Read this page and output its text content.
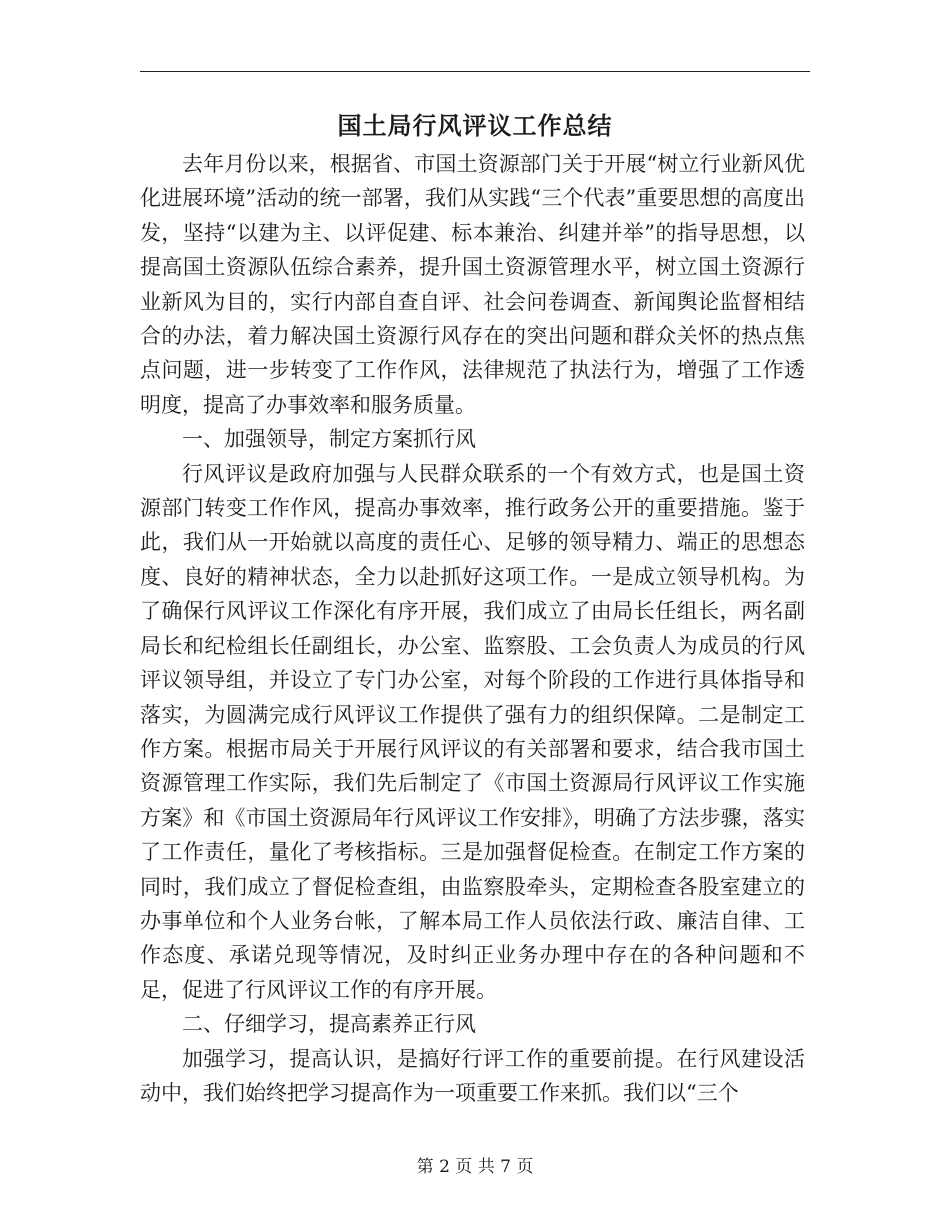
国土局行风评议工作总结

去年月份以来，根据省、市国土资源部门关于开展“树立行业新风优化进展环境”活动的统一部署，我们从实践“三个代表”重要思想的高度出发，坚持“以建为主、以评促建、标本兼治、纠建并举”的指导思想，以提高国土资源队伍综合素养，提升国土资源管理水平，树立国土资源行业新风为目的，实行内部自查自评、社会问卷调查、新闻舆论监督相结合的办法，着力解决国土资源行风存在的突出问题和群众关怀的热点焦点问题，进一步转变了工作作风，法律规范了执法行为，增强了工作透明度，提高了办事效率和服务质量。

一、加强领导，制定方案抓行风

行风评议是政府加强与人民群众联系的一个有效方式，也是国土资源部门转变工作作风，提高办事效率，推行政务公开的重要措施。鉴于此，我们从一开始就以高度的责任心、足够的领导精力、端正的思想态度、良好的精神状态，全力以赴抓好这项工作。一是成立领导机构。为了确保行风评议工作深化有序开展，我们成立了由局长任组长，两名副局长和纪检组长任副组长，办公室、监察股、工会负责人为成员的行风评议领导组，并设立了专门办公室，对每个阶段的工作进行具体指导和落实，为圆满完成行风评议工作提供了强有力的组织保障。二是制定工作方案。根据市局关于开展行风评议的有关部署和要求，结合我市国土资源管理工作实际，我们先后制定了《市国土资源局行风评议工作实施方案》和《市国土资源局年行风评议工作安排》，明确了方法步骤，落实了工作责任，量化了考核指标。三是加强督促检查。在制定工作方案的同时，我们成立了督促检查组，由监察股牵头，定期检查各股室建立的办事单位和个人业务台帐，了解本局工作人员依法行政、廉洁自律、工作态度、承诺兑现等情况，及时纠正业务办理中存在的各种问题和不足，促进了行风评议工作的有序开展。

二、仔细学习，提高素养正行风

加强学习，提高认识，是搞好行评工作的重要前提。在行风建设活动中，我们始终把学习提高作为一项重要工作来抓。我们以“三个

第 2 页 共 7 页
